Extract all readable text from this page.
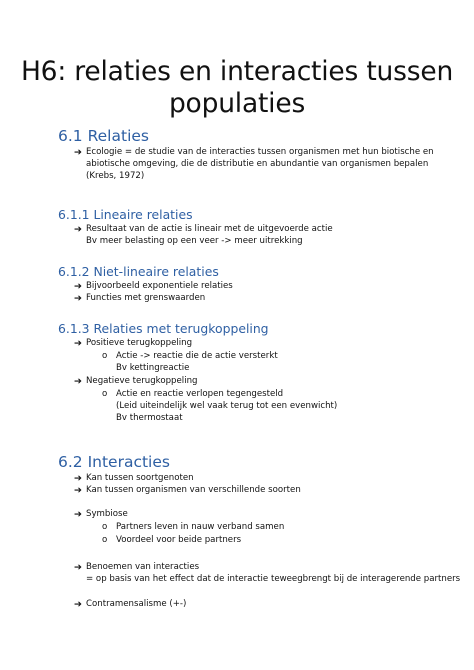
H6: relaties en interacties tussen
populaties
6.1 Relaties
➔ Ecologie = de studie van de interacties tussen organismen met hun biotische en
abiotische omgeving, die de distributie en abundantie van organismen bepalen
(Krebs, 1972)
6.1.1 Lineaire relaties
➔ Resultaat van de actie is lineair met de uitgevoerde actie
Bv meer belasting op een veer -> meer uitrekking
6.1.2 Niet-lineaire relaties
➔ Bijvoorbeeld exponentiele relaties
➔ Functies met grenswaarden
6.1.3 Relaties met terugkoppeling
➔ Positieve terugkoppeling
o Actie -> reactie die de actie versterkt
Bv kettingreactie
➔ Negatieve terugkoppeling
o Actie en reactie verlopen tegengesteld
(Leid uiteindelijk wel vaak terug tot een evenwicht)
Bv thermostaat
6.2 Interacties
➔ Kan tussen soortgenoten
➔ Kan tussen organismen van verschillende soorten
➔ Symbiose
o Partners leven in nauw verband samen
o Voordeel voor beide partners
➔ Benoemen van interacties
= op basis van het effect dat de interactie teweegbrengt bij de interagerende partners
➔ Contramensalisme (+-)
